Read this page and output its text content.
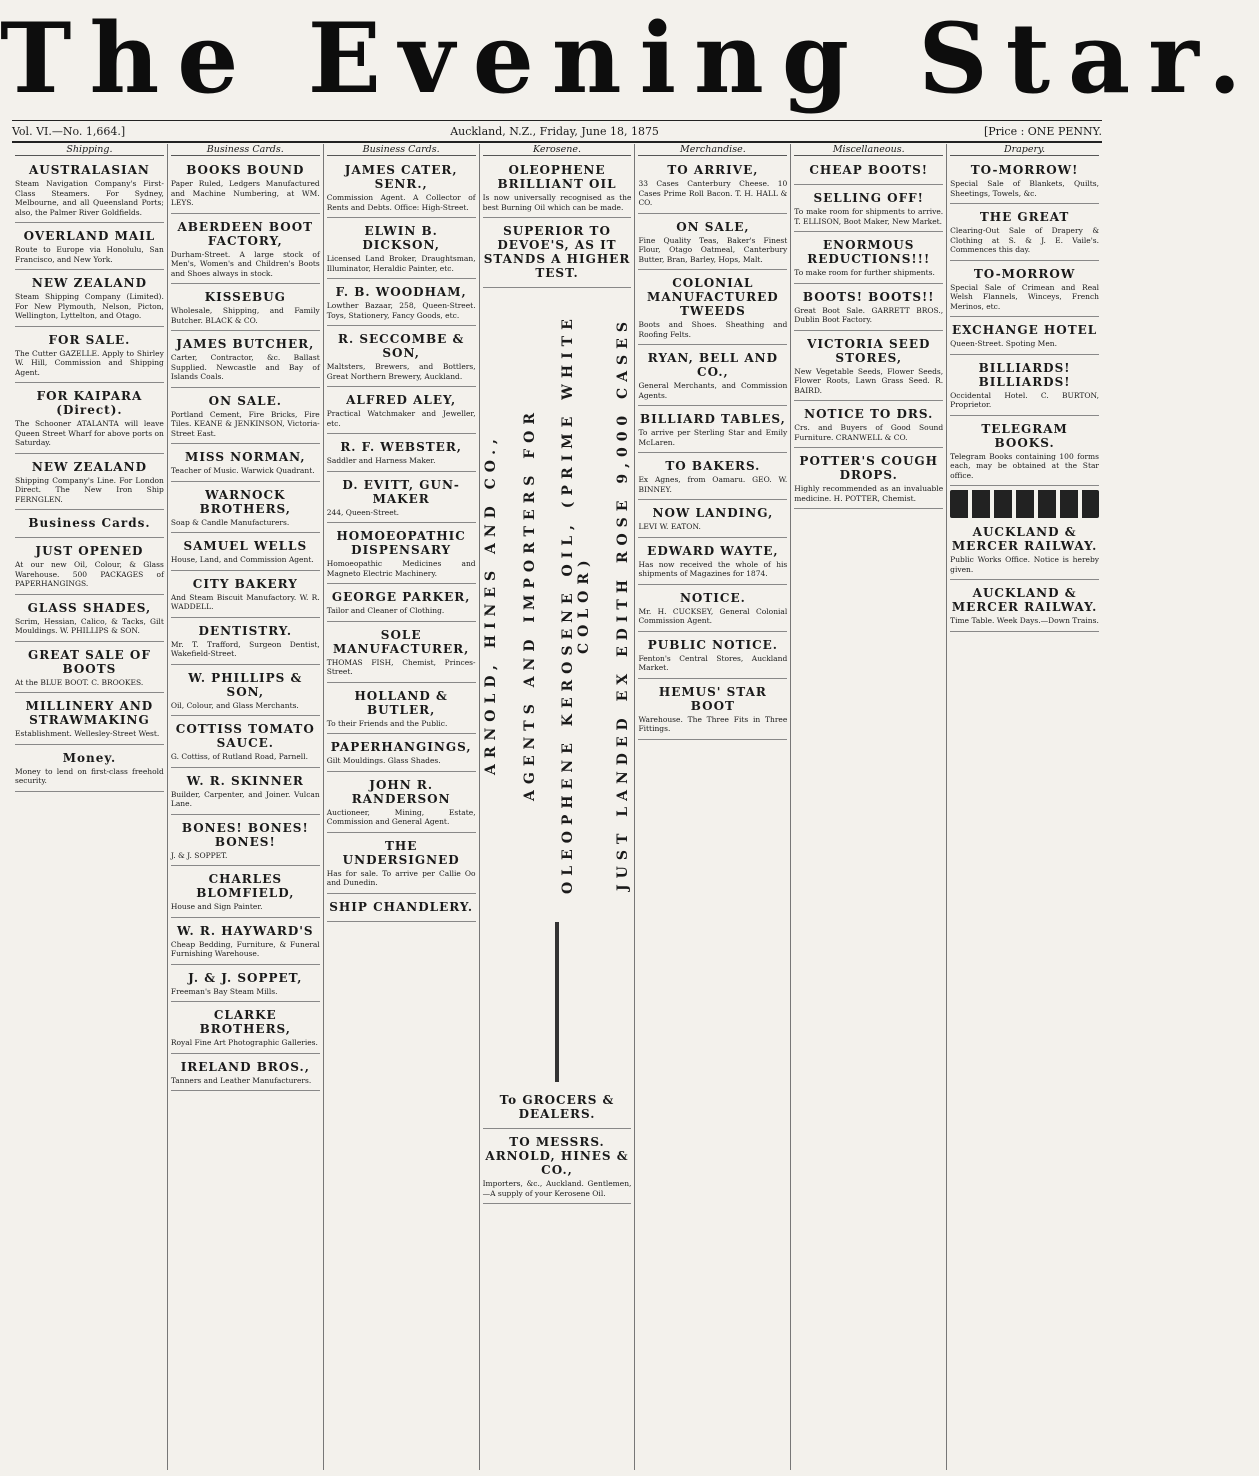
The Evening Star.
Vol. VI.—No. 1,664.]	Auckland, N.Z., Friday, June 18, 1875	[Price : ONE PENNY.
Shipping.
AUSTRALASIAN

Steam Navigation Company's First-Class Steamers. For Sydney, Melbourne, and all Queensland Ports; also, the Palmer River Goldfields.

OVERLAND MAIL

Route to Europe via Honolulu, San Francisco, and New York.

NEW ZEALAND

Steam Shipping Company (Limited). For New Plymouth, Nelson, Picton, Wellington, Lyttelton, and Otago.

FOR SALE.

The Cutter GAZELLE. Apply to Shirley W. Hill, Commission and Shipping Agent.

FOR KAIPARA (Direct).

The Schooner ATALANTA will leave Queen Street Wharf for above ports on Saturday.

NEW ZEALAND

Shipping Company's Line. For London Direct. The New Iron Ship FERNGLEN.

Business Cards.
JUST OPENED

At our new Oil, Colour, & Glass Warehouse. 500 PACKAGES of PAPERHANGINGS.

GLASS SHADES,

Scrim, Hessian, Calico, & Tacks, Gilt Mouldings. W. PHILLIPS & SON.

GREAT SALE OF BOOTS

At the BLUE BOOT. C. BROOKES.

MILLINERY AND STRAWMAKING

Establishment. Wellesley-Street West.

Money.

Money to lend on first-class freehold security.

Business Cards.
BOOKS BOUND

Paper Ruled, Ledgers Manufactured and Machine Numbering, at WM. LEYS.

ABERDEEN BOOT FACTORY,

Durham-Street. A large stock of Men's, Women's and Children's Boots and Shoes always in stock.

KISSEBUG

Wholesale, Shipping, and Family Butcher. BLACK & CO.

JAMES BUTCHER,

Carter, Contractor, &c. Ballast Supplied. Newcastle and Bay of Islands Coals.

ON SALE.

Portland Cement, Fire Bricks, Fire Tiles. KEANE & JENKINSON, Victoria-Street East.

MISS NORMAN,

Teacher of Music. Warwick Quadrant.

WARNOCK BROTHERS,

Soap & Candle Manufacturers.

SAMUEL WELLS

House, Land, and Commission Agent.

CITY BAKERY

And Steam Biscuit Manufactory. W. R. WADDELL.

DENTISTRY.

Mr. T. Trafford, Surgeon Dentist, Wakefield-Street.

W. PHILLIPS & SON,

Oil, Colour, and Glass Merchants.

COTTISS TOMATO SAUCE.

G. Cottiss, of Rutland Road, Parnell.

W. R. SKINNER

Builder, Carpenter, and Joiner. Vulcan Lane.

BONES! BONES! BONES!

J. & J. SOPPET.

CHARLES BLOMFIELD,

House and Sign Painter.

W. R. HAYWARD'S

Cheap Bedding, Furniture, & Funeral Furnishing Warehouse.

J. & J. SOPPET,

Freeman's Bay Steam Mills.

CLARKE BROTHERS,

Royal Fine Art Photographic Galleries.

IRELAND BROS.,

Tanners and Leather Manufacturers.

Business Cards.
JAMES CATER, SENR.,

Commission Agent. A Collector of Rents and Debts. Office: High-Street.

ELWIN B. DICKSON,

Licensed Land Broker, Draughtsman, Illuminator, Heraldic Painter, etc.

F. B. WOODHAM,

Lowther Bazaar, 258, Queen-Street. Toys, Stationery, Fancy Goods, etc.

R. SECCOMBE & SON,

Maltsters, Brewers, and Bottlers, Great Northern Brewery, Auckland.

ALFRED ALEY,

Practical Watchmaker and Jeweller, etc.

R. F. WEBSTER,

Saddler and Harness Maker.

D. EVITT, GUN-MAKER

244, Queen-Street.

HOMOEOPATHIC DISPENSARY

Homoeopathic Medicines and Magneto Electric Machinery.

GEORGE PARKER,

Tailor and Cleaner of Clothing.

SOLE MANUFACTURER,

THOMAS FISH, Chemist, Princes-Street.

HOLLAND & BUTLER,

To their Friends and the Public.

PAPERHANGINGS,

Gilt Mouldings. Glass Shades.

JOHN R. RANDERSON

Auctioneer, Mining, Estate, Commission and General Agent.

THE UNDERSIGNED

Has for sale. To arrive per Callie Oo and Dunedin.

SHIP CHANDLERY.
Kerosene.
OLEOPHENE BRILLIANT OIL

Is now universally recognised as the best Burning Oil which can be made.

SUPERIOR TO DEVOE'S, AS IT STANDS A HIGHER TEST.
ARNOLD, HINES AND CO., AGENTS AND IMPORTERS FOR OLEOPHENE KEROSENE OIL, (PRIME WHITE COLOR) JUST LANDED EX EDITH ROSE 9,000 CASES
To GROCERS & DEALERS.
TO MESSRS. ARNOLD, HINES & CO.,

Importers, &c., Auckland. Gentlemen,—A supply of your Kerosene Oil.

Merchandise.
TO ARRIVE,

33 Cases Canterbury Cheese. 10 Cases Prime Roll Bacon. T. H. HALL & CO.

ON SALE,

Fine Quality Teas, Baker's Finest Flour, Otago Oatmeal, Canterbury Butter, Bran, Barley, Hops, Malt.

COLONIAL MANUFACTURED TWEEDS

Boots and Shoes. Sheathing and Roofing Felts.

RYAN, BELL AND CO.,

General Merchants, and Commission Agents.

BILLIARD TABLES,

To arrive per Sterling Star and Emily McLaren.

TO BAKERS.

Ex Agnes, from Oamaru. GEO. W. BINNEY.

NOW LANDING,

LEVI W. EATON.

EDWARD WAYTE,

Has now received the whole of his shipments of Magazines for 1874.

NOTICE.

Mr. H. CUCKSEY, General Colonial Commission Agent.

PUBLIC NOTICE.

Fenton's Central Stores, Auckland Market.

HEMUS' STAR BOOT

Warehouse. The Three Fits in Three Fittings.

Miscellaneous.
CHEAP BOOTS!
SELLING OFF!

To make room for shipments to arrive. T. ELLISON, Boot Maker, New Market.

ENORMOUS REDUCTIONS!!!

To make room for further shipments.

BOOTS! BOOTS!!

Great Boot Sale. GARRETT BROS., Dublin Boot Factory.

VICTORIA SEED STORES,

New Vegetable Seeds, Flower Seeds, Flower Roots, Lawn Grass Seed. R. BAIRD.

NOTICE TO DRS.

Crs. and Buyers of Good Sound Furniture. CRANWELL & CO.

POTTER'S COUGH DROPS.

Highly recommended as an invaluable medicine. H. POTTER, Chemist.

Drapery.
TO-MORROW!

Special Sale of Blankets, Quilts, Sheetings, Towels, &c.

THE GREAT

Clearing-Out Sale of Drapery & Clothing at S. & J. E. Vaile's. Commences this day.

TO-MORROW

Special Sale of Crimean and Real Welsh Flannels, Winceys, French Merinos, etc.

EXCHANGE HOTEL

Queen-Street. Spoting Men.

BILLIARDS! BILLIARDS!

Occidental Hotel. C. BURTON, Proprietor.

TELEGRAM BOOKS.

Telegram Books containing 100 forms each, may be obtained at the Star office.

AUCKLAND & MERCER RAILWAY.

Public Works Office. Notice is hereby given.

AUCKLAND & MERCER RAILWAY.

Time Table. Week Days.—Down Trains.
